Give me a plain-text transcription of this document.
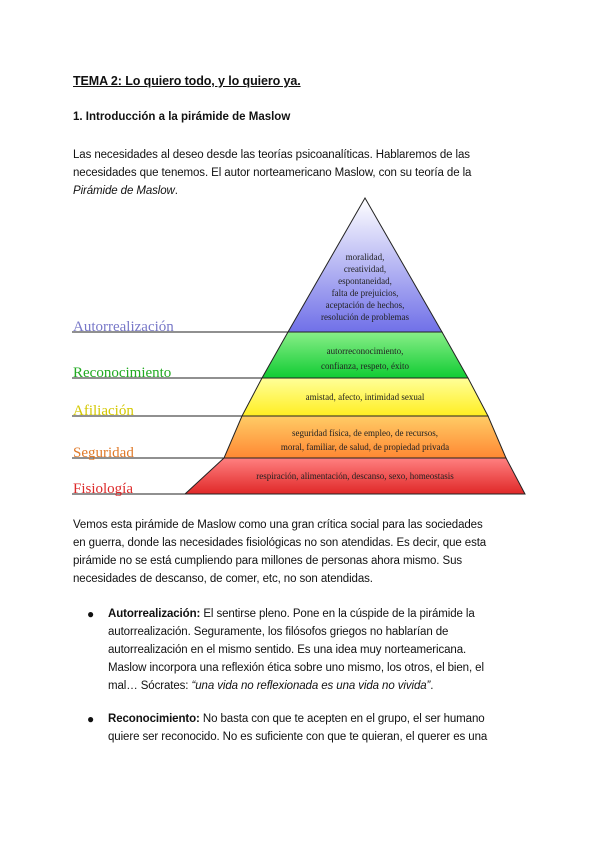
TEMA 2: Lo quiero todo, y lo quiero ya.
1. Introducción a la pirámide de Maslow
Las necesidades al deseo desde las teorías psicoanalíticas. Hablaremos de las
necesidades que tenemos. El autor norteamericano Maslow, con su teoría de la
Pirámide de Maslow.
Autorrealización
Reconocimiento
Afiliación
Seguridad
Fisiología
moralidad,
creatividad,
espontaneidad,
falta de prejuicios,
aceptación de hechos,
resolución de problemas
autorreconocimiento,
confianza, respeto, éxito
amistad, afecto, intimidad sexual
seguridad física, de empleo, de recursos,
moral, familiar, de salud, de propiedad privada
respiración, alimentación, descanso, sexo, homeostasis
Vemos esta pirámide de Maslow como una gran crítica social para las sociedades
en guerra, donde las necesidades fisiológicas no son atendidas. Es decir, que esta
pirámide no se está cumpliendo para millones de personas ahora mismo. Sus
necesidades de descanso, de comer, etc, no son atendidas.
● Autorrealización: El sentirse pleno. Pone en la cúspide de la pirámide la
autorrealización. Seguramente, los filósofos griegos no hablarían de
autorrealización en el mismo sentido. Es una idea muy norteamericana.
Maslow incorpora una reflexión ética sobre uno mismo, los otros, el bien, el
mal… Sócrates: “una vida no reflexionada es una vida no vivida”.
● Reconocimiento: No basta con que te acepten en el grupo, el ser humano
quiere ser reconocido. No es suficiente con que te quieran, el querer es una
